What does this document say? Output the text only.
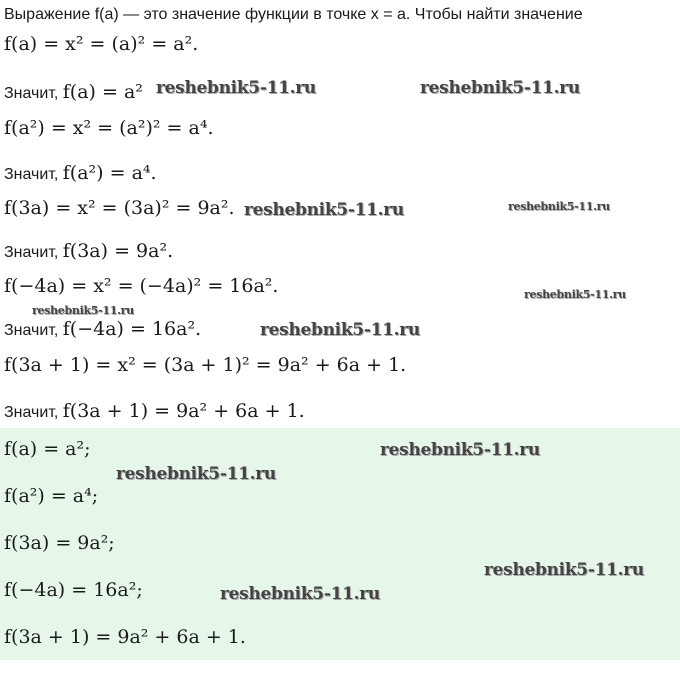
Выражение f(a) — это значение функции в точке x = a. Чтобы найти значение
f(a) = x² = (a)² = a².
Значит, f(a) = a²
f(a²) = x² = (a²)² = a⁴.
Значит, f(a²) = a⁴.
f(3a) = x² = (3a)² = 9a².
Значит, f(3a) = 9a².
f(−4a) = x² = (−4a)² = 16a².
Значит, f(−4a) = 16a².
f(3a + 1) = x² = (3a + 1)² = 9a² + 6a + 1.
Значит, f(3a + 1) = 9a² + 6a + 1.
f(a) = a²;
f(a²) = a⁴;
f(3a) = 9a²;
f(−4a) = 16a²;
f(3a + 1) = 9a² + 6a + 1.
reshebnik5-11.ru	reshebnik5-11.ru
reshebnik5-11.ru	reshebnik5-11.ru
reshebnik5-11.ru
reshebnik5-11.ru
reshebnik5-11.ru
reshebnik5-11.ru
reshebnik5-11.ru
reshebnik5-11.ru
reshebnik5-11.ru
